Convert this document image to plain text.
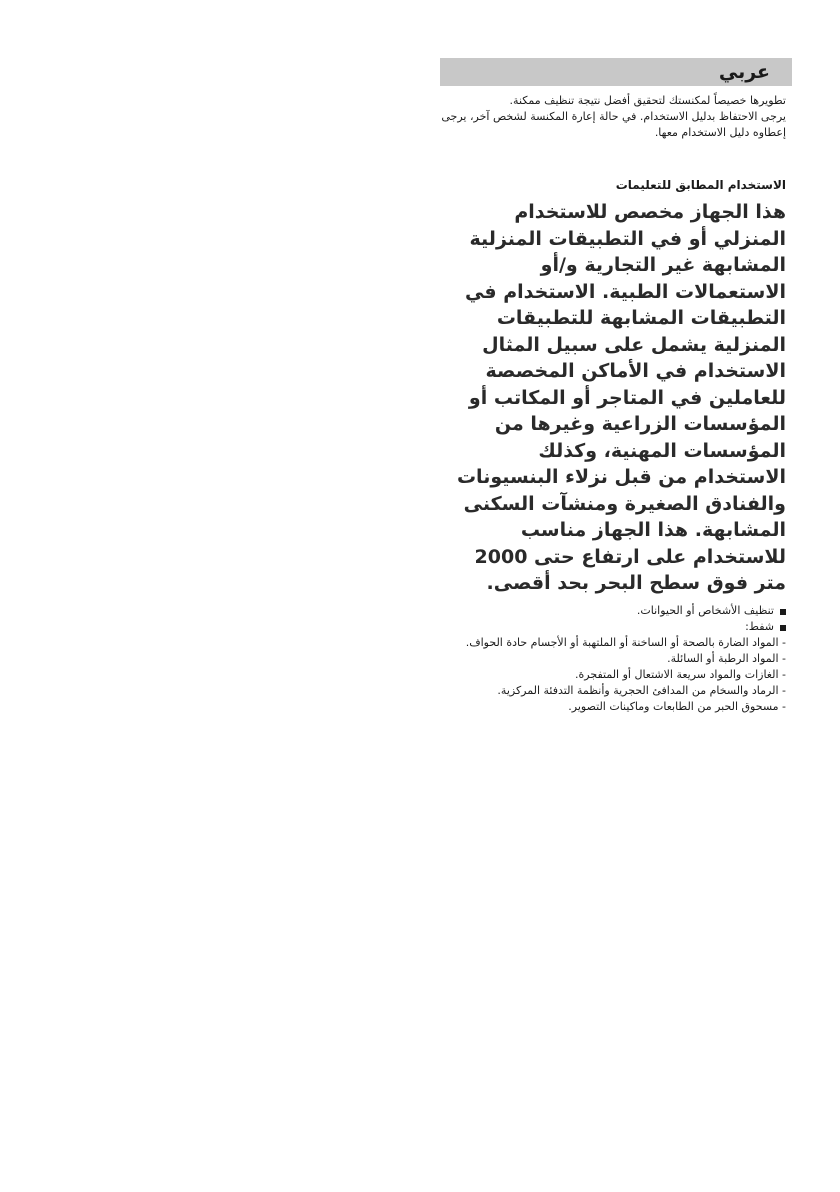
عربي

تطويرها خصيصاً لمكنستك لتحقيق أفضل نتيجة تنظيف ممكنة.

يرجى الاحتفاظ بدليل الاستخدام. في حالة إعارة المكنسة لشخص آخر، يرجى إعطاوه دليل الاستخدام معها.

الاستخدام المطابق للتعليمات
هذا الجهاز مخصص للاستخدام المنزلي أو في التطبيقات المنزلية المشابهة غير التجارية و/أو الاستعمالات الطبية. الاستخدام في التطبيقات المشابهة للتطبيقات المنزلية يشمل على سبيل المثال الاستخدام في الأماكن المخصصة للعاملين في المتاجر أو المكاتب أو المؤسسات الزراعية وغيرها من المؤسسات المهنية، وكذلك الاستخدام من قبل نزلاء البنسيونات والفنادق الصغيرة ومنشآت السكنى المشابهة. هذا الجهاز مناسب للاستخدام على ارتفاع حتى 2000 متر فوق سطح البحر بحد أقصى.
تنظيف الأشخاص أو الحيوانات.
شفط:
- المواد الضارة بالصحة أو الساخنة أو الملتهبة أو الأجسام حادة الحواف.
- المواد الرطبة أو السائلة.
- الغازات والمواد سريعة الاشتعال أو المتفجرة.
- الرماد والسخام من المدافئ الحجرية وأنظمة التدفئة المركزية.
- مسحوق الحبر من الطابعات وماكينات التصوير.
